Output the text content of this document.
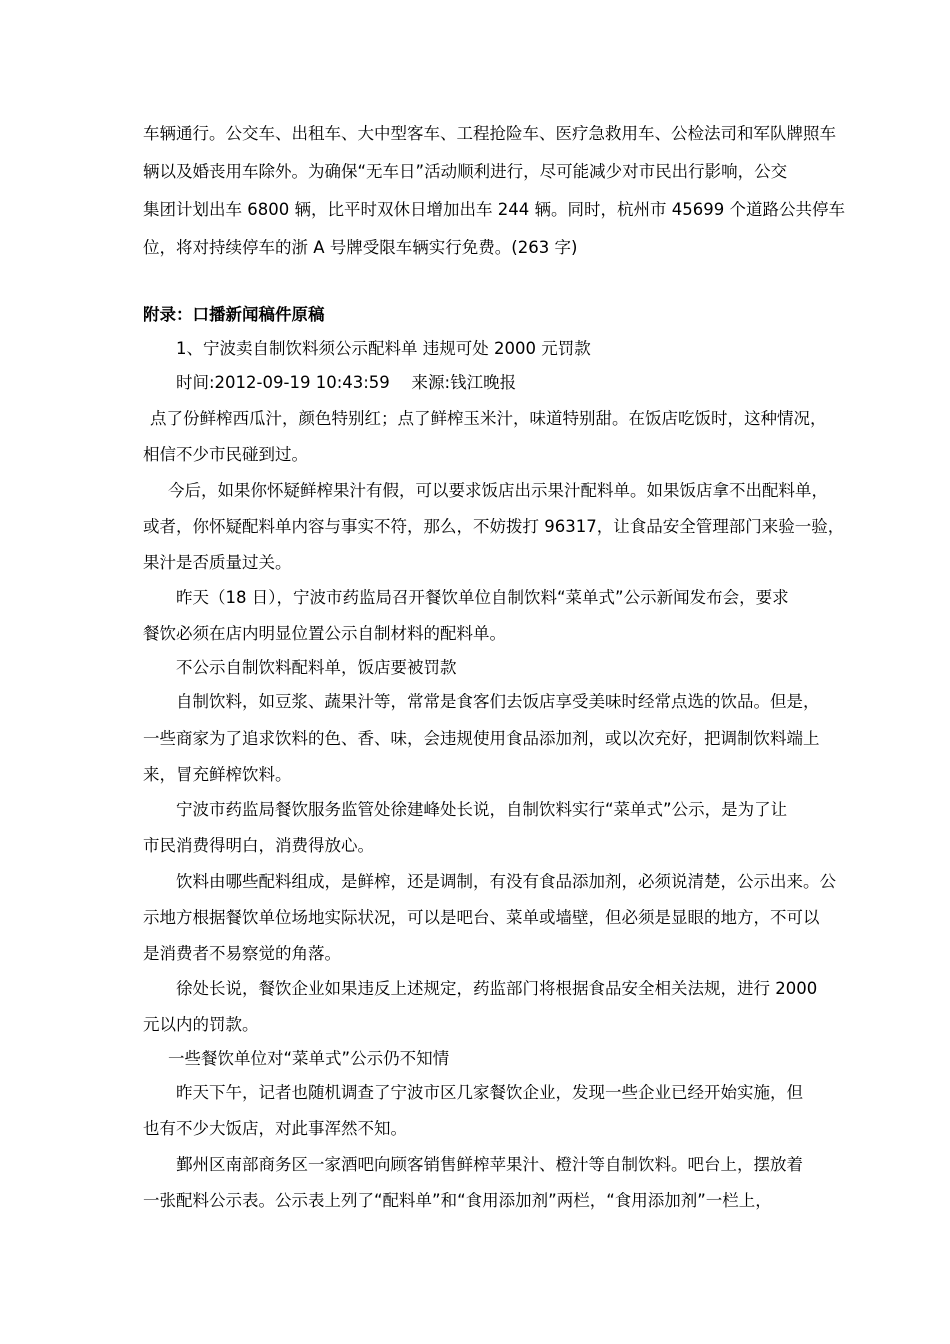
车辆通行。公交车、出租车、大中型客车、工程抢险车、医疗急救用车、公检法司和军队牌照车
辆以及婚丧用车除外。为确保“无车日”活动顺利进行，尽可能减少对市民出行影响，公交
集团计划出车 6800 辆，比平时双休日增加出车 244 辆。同时，杭州市 45699 个道路公共停车
位，将对持续停车的浙 A 号牌受限车辆实行免费。(263 字)
附录：口播新闻稿件原稿
1、宁波卖自制饮料须公示配料单 违规可处 2000 元罚款
时间:2012-09-19 10:43:59 　来源:钱江晚报
点了份鲜榨西瓜汁，颜色特别红；点了鲜榨玉米汁，味道特别甜。在饭店吃饭时，这种情况，
相信不少市民碰到过。
今后，如果你怀疑鲜榨果汁有假，可以要求饭店出示果汁配料单。如果饭店拿不出配料单，
或者，你怀疑配料单内容与事实不符，那么，不妨拨打 96317，让食品安全管理部门来验一验，
果汁是否质量过关。
昨天（18 日），宁波市药监局召开餐饮单位自制饮料“菜单式”公示新闻发布会，要求
餐饮必须在店内明显位置公示自制材料的配料单。
不公示自制饮料配料单，饭店要被罚款
自制饮料，如豆浆、蔬果汁等，常常是食客们去饭店享受美味时经常点选的饮品。但是，
一些商家为了追求饮料的色、香、味，会违规使用食品添加剂，或以次充好，把调制饮料端上
来，冒充鲜榨饮料。
宁波市药监局餐饮服务监管处徐建峰处长说，自制饮料实行“菜单式”公示，是为了让
市民消费得明白，消费得放心。
饮料由哪些配料组成，是鲜榨，还是调制，有没有食品添加剂，必须说清楚，公示出来。公
示地方根据餐饮单位场地实际状况，可以是吧台、菜单或墙壁，但必须是显眼的地方，不可以
是消费者不易察觉的角落。
徐处长说，餐饮企业如果违反上述规定，药监部门将根据食品安全相关法规，进行 2000
元以内的罚款。
一些餐饮单位对“菜单式”公示仍不知情
昨天下午，记者也随机调查了宁波市区几家餐饮企业，发现一些企业已经开始实施，但
也有不少大饭店，对此事浑然不知。
鄞州区南部商务区一家酒吧向顾客销售鲜榨苹果汁、橙汁等自制饮料。吧台上，摆放着
一张配料公示表。公示表上列了“配料单”和“食用添加剂”两栏，“食用添加剂”一栏上，
